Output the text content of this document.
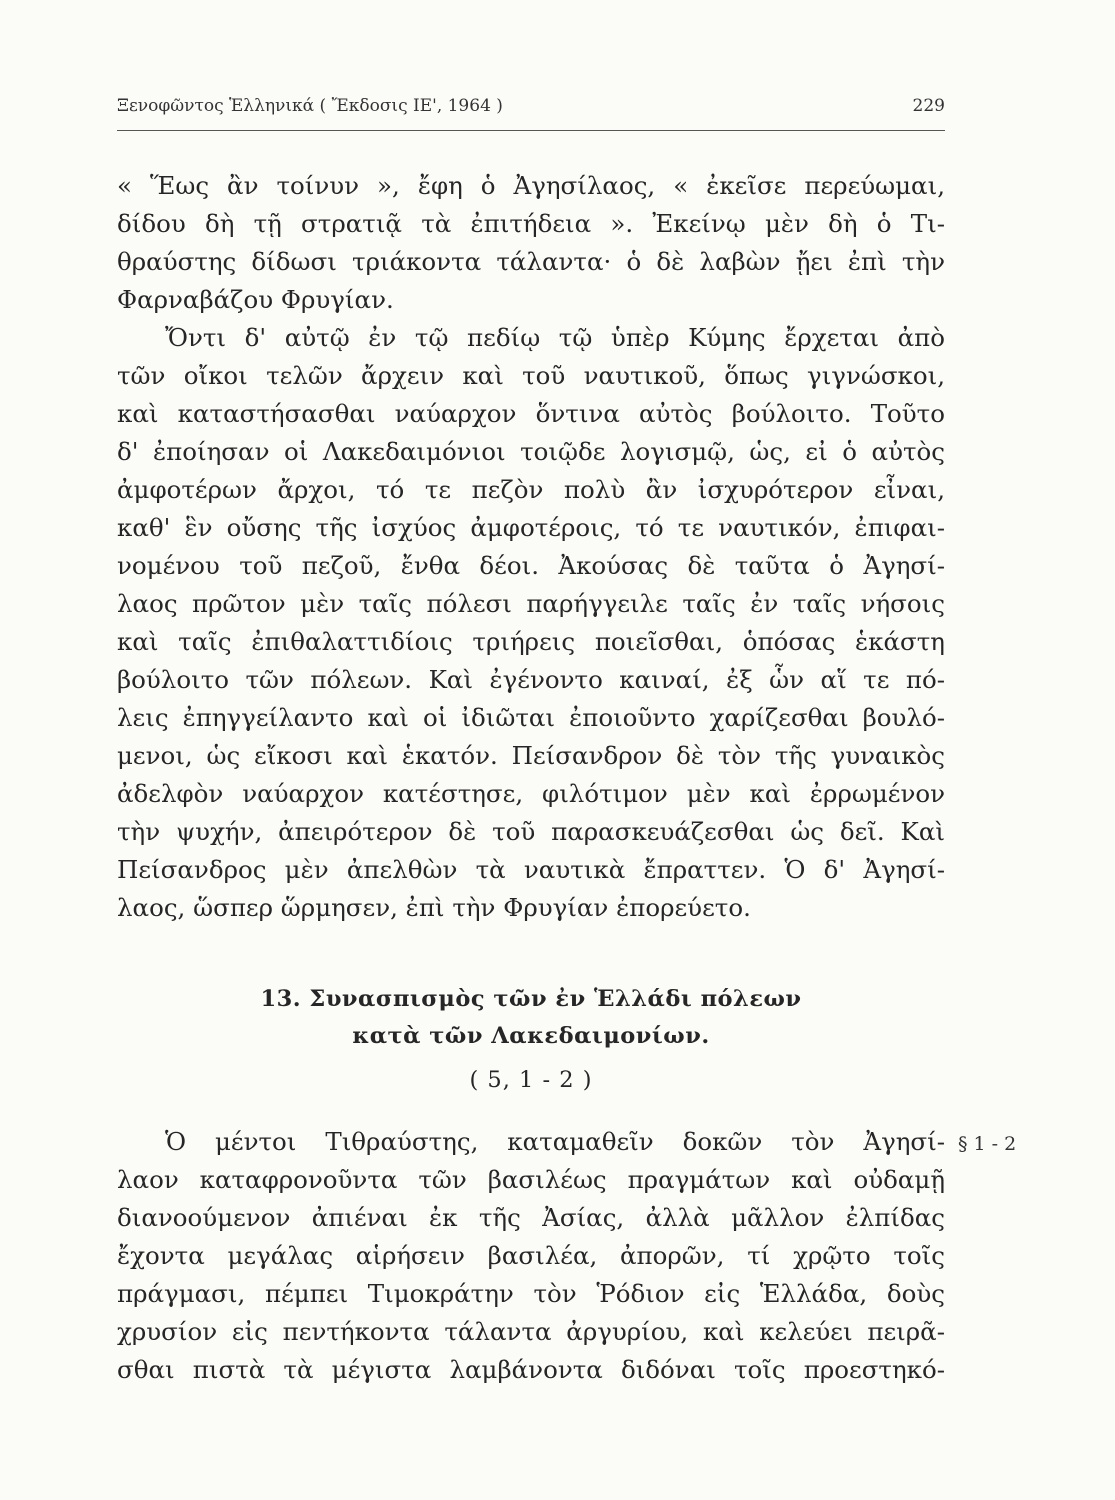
Ξενοφῶντος Ἑλληνικά ( Ἔκδοσις ΙΕ', 1964 )	229
« Ἕως ἂν τοίνυν », ἔφη ὁ Ἀγησίλαος, « ἐκεῖσε περεύωμαι,
δίδου δὴ τῇ στρατιᾷ τὰ ἐπιτήδεια ». Ἐκείνῳ μὲν δὴ ὁ Τι-
θραύστης δίδωσι τριάκοντα τάλαντα· ὁ δὲ λαβὼν ᾔει ἐπὶ τὴν
Φαρναβάζου Φρυγίαν.
Ὄντι δ' αὐτῷ ἐν τῷ πεδίῳ τῷ ὑπὲρ Κύμης ἔρχεται ἀπὸ
τῶν οἴκοι τελῶν ἄρχειν καὶ τοῦ ναυτικοῦ, ὅπως γιγνώσκοι,
καὶ καταστήσασθαι ναύαρχον ὅντινα αὐτὸς βούλοιτο. Τοῦτο
δ' ἐποίησαν οἱ Λακεδαιμόνιοι τοιῷδε λογισμῷ, ὡς, εἰ ὁ αὐτὸς
ἀμφοτέρων ἄρχοι, τό τε πεζὸν πολὺ ἂν ἰσχυρότερον εἶναι,
καθ' ἓν οὔσης τῆς ἰσχύος ἀμφοτέροις, τό τε ναυτικόν, ἐπιφαι-
νομένου τοῦ πεζοῦ, ἔνθα δέοι. Ἀκούσας δὲ ταῦτα ὁ Ἀγησί-
λαος πρῶτον μὲν ταῖς πόλεσι παρήγγειλε ταῖς ἐν ταῖς νήσοις
καὶ ταῖς ἐπιθαλαττιδίοις τριήρεις ποιεῖσθαι, ὁπόσας ἑκάστη
βούλοιτο τῶν πόλεων. Καὶ ἐγένοντο καιναί, ἐξ ὧν αἵ τε πό-
λεις ἐπηγγείλαντο καὶ οἱ ἰδιῶται ἐποιοῦντο χαρίζεσθαι βουλό-
μενοι, ὡς εἴκοσι καὶ ἑκατόν. Πείσανδρον δὲ τὸν τῆς γυναικὸς
ἀδελφὸν ναύαρχον κατέστησε, φιλότιμον μὲν καὶ ἐρρωμένον
τὴν ψυχήν, ἀπειρότερον δὲ τοῦ παρασκευάζεσθαι ὡς δεῖ. Καὶ
Πείσανδρος μὲν ἀπελθὼν τὰ ναυτικὰ ἔπραττεν. Ὁ δ' Ἀγησί-
λαος, ὥσπερ ὥρμησεν, ἐπὶ τὴν Φρυγίαν ἐπορεύετο.
13. Συνασπισμὸς τῶν ἐν Ἑλλάδι πόλεων
κατὰ τῶν Λακεδαιμονίων.
( 5, 1 - 2 )
Ὁ μέντοι Τιθραύστης, καταμαθεῖν δοκῶν τὸν Ἀγησί-
λαον καταφρονοῦντα τῶν βασιλέως πραγμάτων καὶ οὐδαμῇ
διανοούμενον ἀπιέναι ἐκ τῆς Ἀσίας, ἀλλὰ μᾶλλον ἐλπίδας
ἔχοντα μεγάλας αἱρήσειν βασιλέα, ἀπορῶν, τί χρῷτο τοῖς
πράγμασι, πέμπει Τιμοκράτην τὸν Ῥόδιον εἰς Ἑλλάδα, δοὺς
χρυσίον εἰς πεντήκοντα τάλαντα ἀργυρίου, καὶ κελεύει πειρᾶ-
σθαι πιστὰ τὰ μέγιστα λαμβάνοντα διδόναι τοῖς προεστηκό-
§ 1 - 2
